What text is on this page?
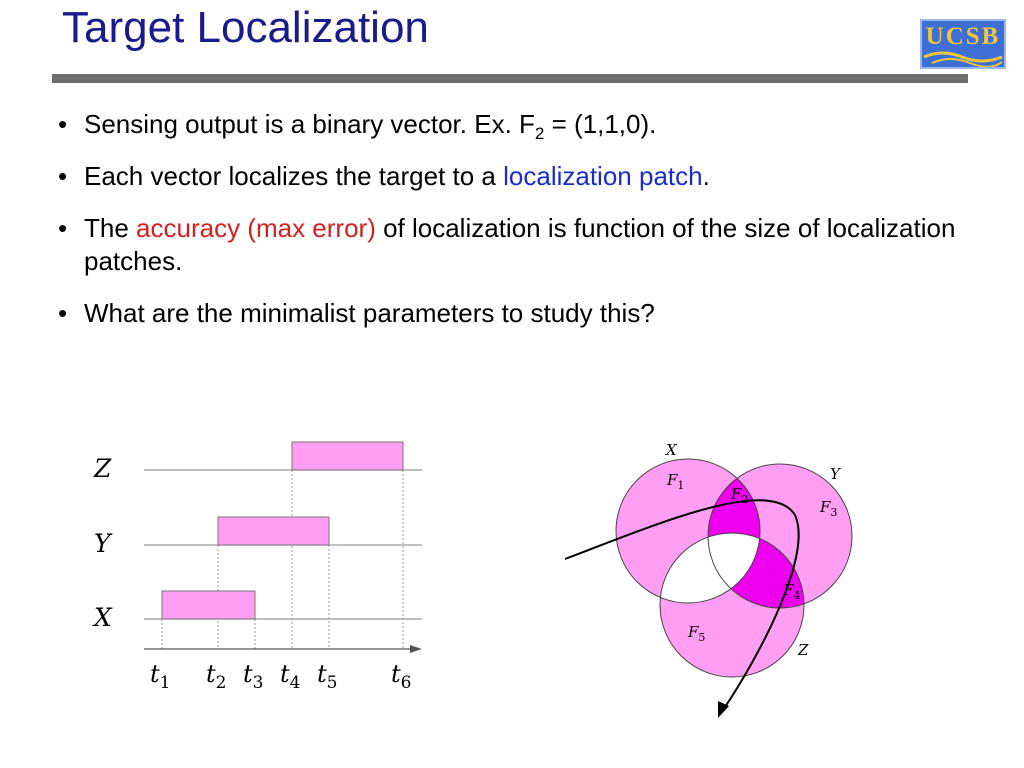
Target Localization	UCSB
• Sensing output is a binary vector. Ex. $F_2 = (1,1,0)$.
• Each vector localizes the target to a localization patch.
• The accuracy (max error) of localization is function of the size of localization patches.
• What are the minimalist parameters to study this?
Z
Y
X
$t_1$ $t_2$ $t_3$ $t_4$ $t_5$ $t_6$
X
Y
Z
$F_1$	$F_2$	$F_3$
$F_4$
$F_5$
